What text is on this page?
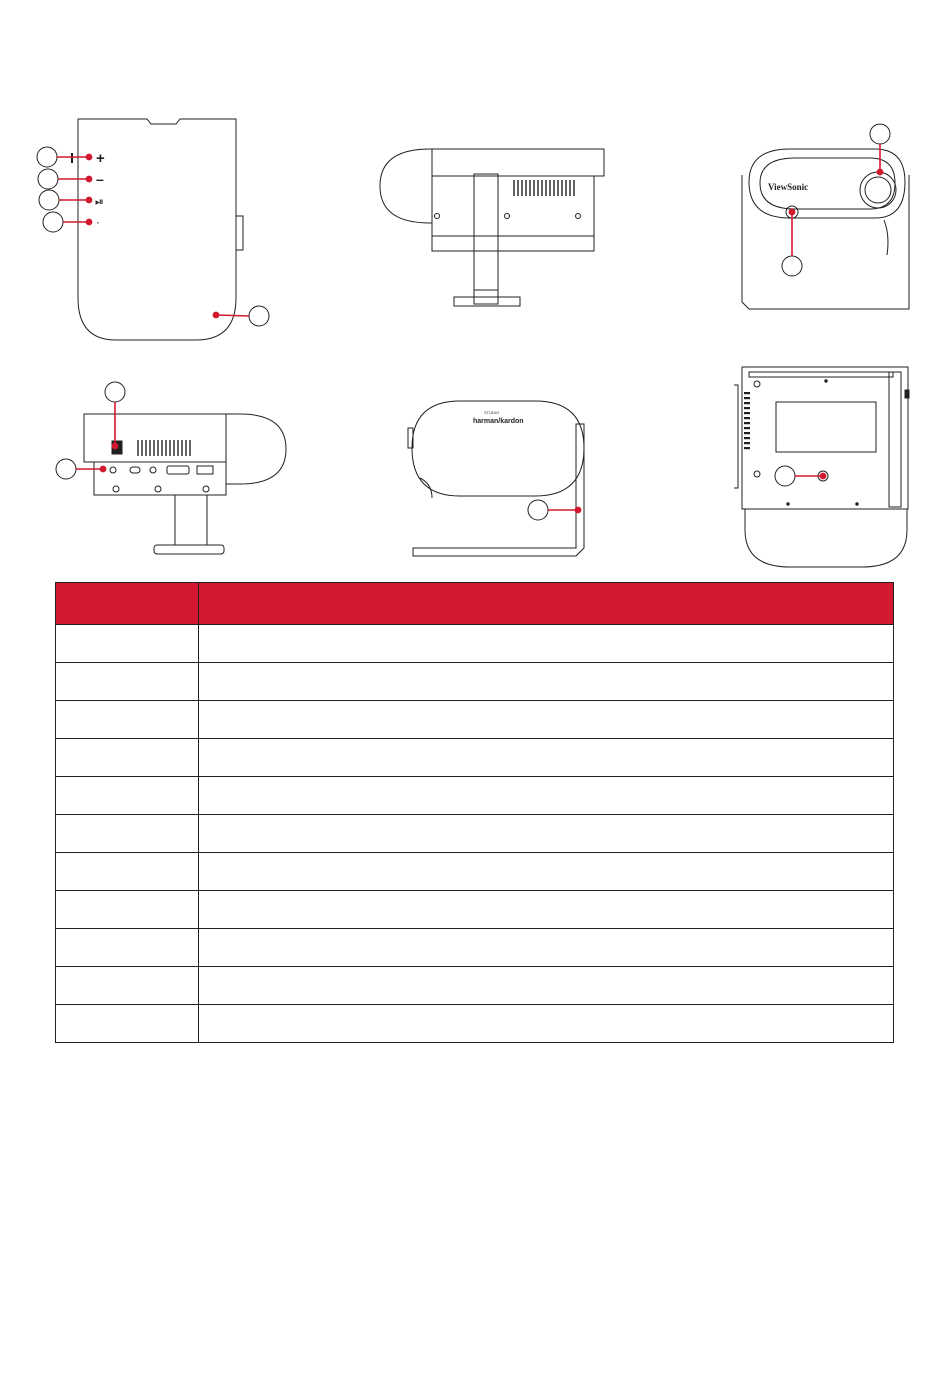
+
–
⏯
·
ViewSonic
STUDIO
harman/kardon
